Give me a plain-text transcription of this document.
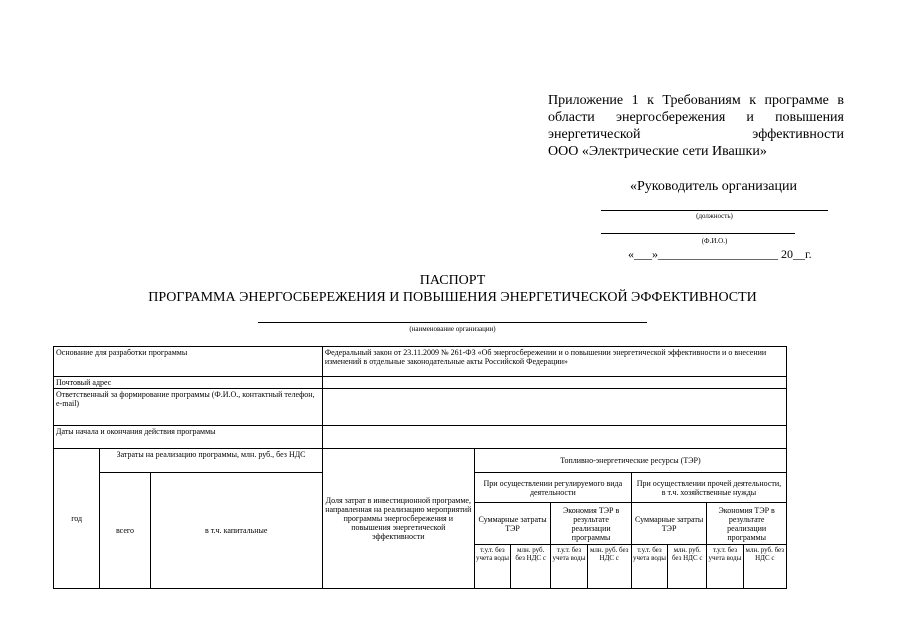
Приложение 1 к Требованиям к программе в
области энергосбережения и повышения
энергетической эффективности
ООО «Электрические сети Ивашки»
«Руководитель организации
(должность)
(Ф.И.О.)
«___»____________________ 20__г.
ПАСПОРТ
ПРОГРАММА ЭНЕРГОСБЕРЕЖЕНИЯ И ПОВЫШЕНИЯ ЭНЕРГЕТИЧЕСКОЙ ЭФФЕКТИВНОСТИ
(наименование организации)
Основание для разработки программы			Федеральный закон от 23.11.2009 № 261-ФЗ «Об энергосбережении и о повышении энергетической эффективности и о внесении изменений в отдельные законодательные акты Российской Федерации»								
Почтовый адрес											
Ответственный за формирование программы (Ф.И.О., контактный телефон, e-mail)											
Даты начала и окончания действия программы											
год	Затраты на реализацию программы, млн. руб., без НДС		Доля затрат в инвестиционной программе, направленная на реализацию мероприятий программы энергосбережения и повышения энергетической эффективности	Топливно-энергетические ресурсы (ТЭР)							
	всего	в т.ч. капитальные		При осуществлении регулируемого вида деятельности				При осуществлении прочей деятельности, в т.ч. хозяйственные нужды			
				Суммарные затраты ТЭР		Экономия ТЭР в результате реализации программы		Суммарные затраты ТЭР		Экономия ТЭР в результате реализации программы	
				т.у.т. без учета воды	млн. руб. без НДС с	т.у.т. без учета воды	млн. руб. без НДС с	т.у.т. без учета воды	млн. руб. без НДС с	т.у.т. без учета воды	млн. руб. без НДС с
